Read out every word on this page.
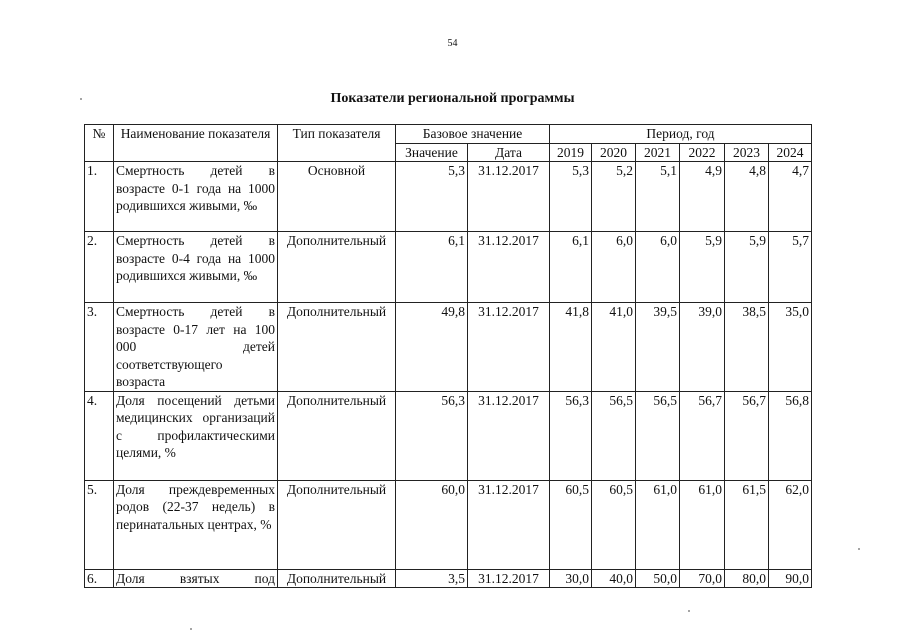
54
Показатели региональной программы
№	Наименование показателя	Тип показателя	Базовое значение		Период, год					
			Значение	Дата	2019	2020	2021	2022	2023	2024
1.	Смертность детей в возрасте 0-1 года на 1000 родившихся живыми, ‰	Основной	5,3	31.12.2017	5,3	5,2	5,1	4,9	4,8	4,7
2.	Смертность детей в возрасте 0-4 года на 1000 родившихся живыми, ‰	Дополнительный	6,1	31.12.2017	6,1	6,0	6,0	5,9	5,9	5,7
3.	Смертность детей в возрасте 0-17 лет на 100 000 детей соответствующего возраста	Дополнительный	49,8	31.12.2017	41,8	41,0	39,5	39,0	38,5	35,0
4.	Доля посещений детьми медицинских организаций с профилактическими целями, %	Дополнительный	56,3	31.12.2017	56,3	56,5	56,5	56,7	56,7	56,8
5.	Доля преждевременных родов (22-37 недель) в перинатальных центрах, %	Дополнительный	60,0	31.12.2017	60,5	60,5	61,0	61,0	61,5	62,0
6.	Доля взятых под	Дополнительный	3,5	31.12.2017	30,0	40,0	50,0	70,0	80,0	90,0
